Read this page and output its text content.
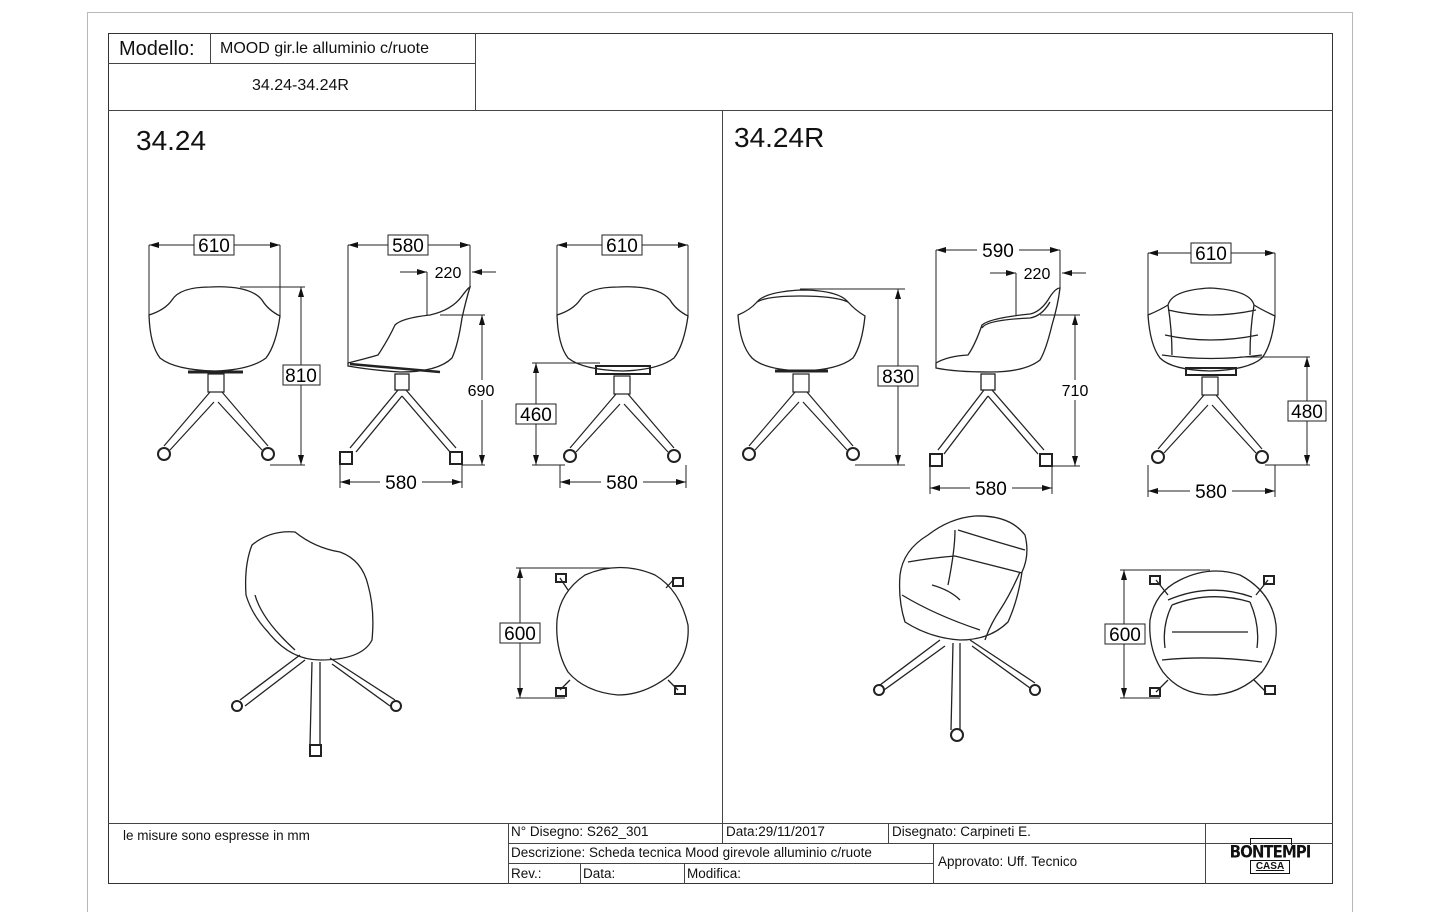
Modello: MOOD gir.le alluminio c/ruote
34.24-34.24R
34.24	34.24R
610
810
580
220
690
580
610
460
580
600
830
590
220
710
580
610
480
580
600
le misure sono espresse in mm	N° Disegno: S262_301	Data:29/11/2017	Disegnato: Carpineti E.
Descrizione: Scheda tecnica Mood girevole alluminio c/ruote
Approvato: Uff. Tecnico
Rev.:	Data:	Modifica:
BONTEMPI
CASA
